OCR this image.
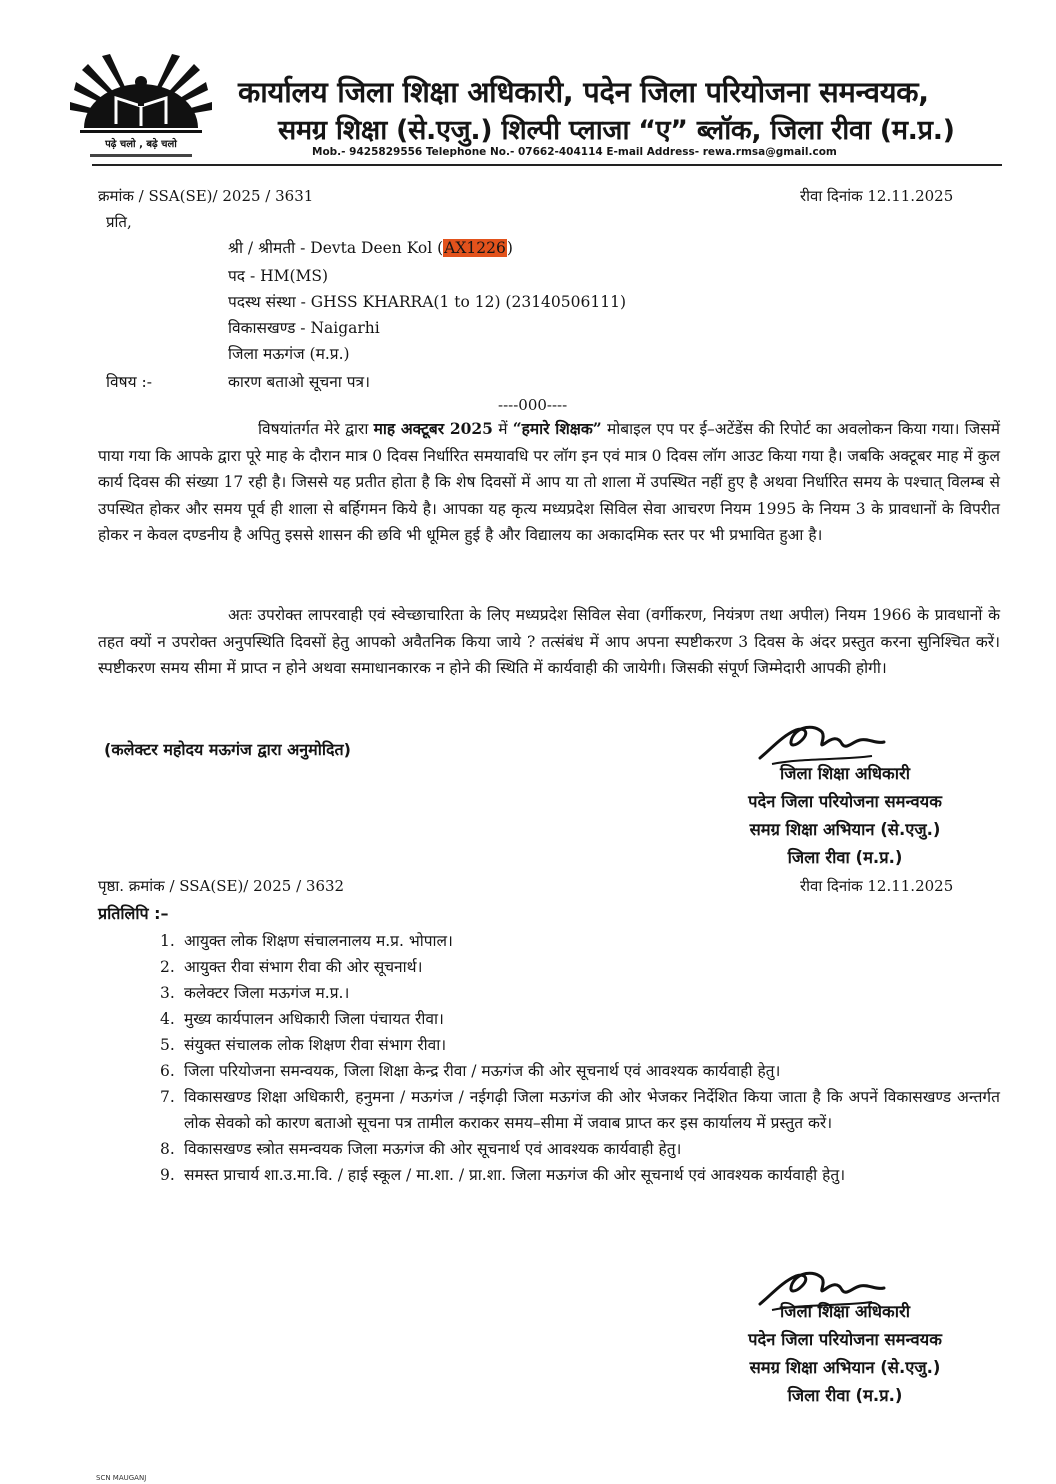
पढ़े चलो , बढ़े चलो
कार्यालय जिला शिक्षा अधिकारी, पदेन जिला परियोजना समन्वयक,
समग्र शिक्षा (से.एजु.) शिल्पी प्लाजा “ए” ब्लॉक, जिला रीवा (म.प्र.)
Mob.- 9425829556 Telephone No.- 07662-404114 E-mail Address- rewa.rmsa@gmail.com
क्रमांक / SSA(SE)/ 2025 / 3631	रीवा दिनांक 12.11.2025
प्रति,
श्री / श्रीमती - Devta Deen Kol (AX1226)
पद - HM(MS)
पदस्थ संस्था - GHSS KHARRA(1 to 12) (23140506111)
विकासखण्ड - Naigarhi
जिला मऊगंज (म.प्र.)
विषय :-	कारण बताओ सूचना पत्र।
----000----
विषयांतर्गत मेरे द्वारा माह अक्टूबर 2025 में “हमारे शिक्षक” मोबाइल एप पर ई–अटेंडेंस की रिपोर्ट का अवलोकन किया गया। जिसमें पाया गया कि आपके द्वारा पूरे माह के दौरान मात्र 0 दिवस निर्धारित समयावधि पर लॉग इन एवं मात्र 0 दिवस लॉग आउट किया गया है। जबकि अक्टूबर माह में कुल कार्य दिवस की संख्या 17 रही है। जिससे यह प्रतीत होता है कि शेष दिवसों में आप या तो शाला में उपस्थित नहीं हुए है अथवा निर्धारित समय के पश्चात् विलम्ब से उपस्थित होकर और समय पूर्व ही शाला से बर्हिगमन किये है। आपका यह कृत्य मध्यप्रदेश सिविल सेवा आचरण नियम 1995 के नियम 3 के प्रावधानों के विपरीत होकर न केवल दण्डनीय है अपितु इससे शासन की छवि भी धूमिल हुई है और विद्यालय का अकादमिक स्तर पर भी प्रभावित हुआ है।
अतः उपरोक्त लापरवाही एवं स्वेच्छाचारिता के लिए मध्यप्रदेश सिविल सेवा (वर्गीकरण, नियंत्रण तथा अपील) नियम 1966 के प्रावधानों के तहत क्यों न उपरोक्त अनुपस्थिति दिवसों हेतु आपको अवैतनिक किया जाये ? तत्संबंध में आप अपना स्पष्टीकरण 3 दिवस के अंदर प्रस्तुत करना सुनिश्चित करें। स्पष्टीकरण समय सीमा में प्राप्त न होने अथवा समाधानकारक न होने की स्थिति में कार्यवाही की जायेगी। जिसकी संपूर्ण जिम्मेदारी आपकी होगी।
(कलेक्टर महोदय मऊगंज द्वारा अनुमोदित)
जिला शिक्षा अधिकारी
पदेन जिला परियोजना समन्वयक
समग्र शिक्षा अभियान (से.एजु.)
जिला रीवा (म.प्र.)
पृष्ठा. क्रमांक / SSA(SE)/ 2025 / 3632	रीवा दिनांक 12.11.2025
प्रतिलिपि :–
1. आयुक्त लोक शिक्षण संचालनालय म.प्र. भोपाल।
2. आयुक्त रीवा संभाग रीवा की ओर सूचनार्थ।
3. कलेक्टर जिला मऊगंज म.प्र.।
4. मुख्य कार्यपालन अधिकारी जिला पंचायत रीवा।
5. संयुक्त संचालक लोक शिक्षण रीवा संभाग रीवा।
6. जिला परियोजना समन्वयक, जिला शिक्षा केन्द्र रीवा / मऊगंज की ओर सूचनार्थ एवं आवश्यक कार्यवाही हेतु।
7. विकासखण्ड शिक्षा अधिकारी, हनुमना / मऊगंज / नईगढ़ी जिला मऊगंज की ओर भेजकर निर्देशित किया जाता है कि अपनें विकासखण्ड अन्तर्गत लोक सेवको को कारण बताओ सूचना पत्र तामील कराकर समय–सीमा में जवाब प्राप्त कर इस कार्यालय में प्रस्तुत करें।
8. विकासखण्ड स्त्रोत समन्वयक जिला मऊगंज की ओर सूचनार्थ एवं आवश्यक कार्यवाही हेतु।
9. समस्त प्राचार्य शा.उ.मा.वि. / हाई स्कूल / मा.शा. / प्रा.शा. जिला मऊगंज की ओर सूचनार्थ एवं आवश्यक कार्यवाही हेतु।
जिला शिक्षा अधिकारी
पदेन जिला परियोजना समन्वयक
समग्र शिक्षा अभियान (से.एजु.)
जिला रीवा (म.प्र.)
SCN MAUGANJ
